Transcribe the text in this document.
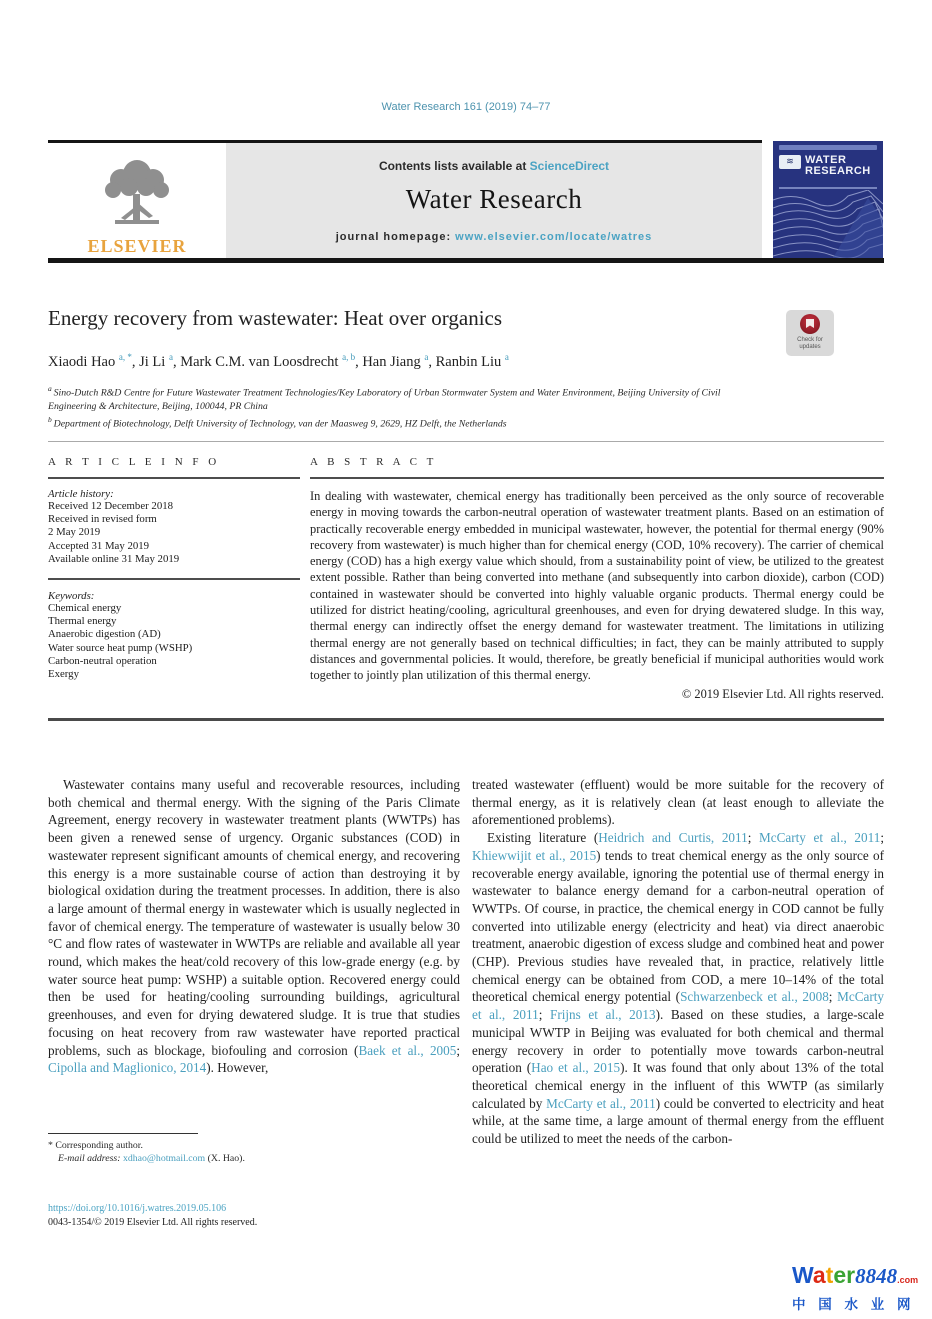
Water Research 161 (2019) 74–77
ELSEVIER
Contents lists available at ScienceDirect
Water Research
journal homepage: www.elsevier.com/locate/watres
≋	WATER
RESEARCH
Energy recovery from wastewater: Heat over organics
Check for updates
Xiaodi Hao $^{a, *}$, Ji Li $^a$, Mark C.M. van Loosdrecht $^{a, b}$, Han Jiang $^a$, Ranbin Liu $^a$
$^a$ Sino-Dutch R&D Centre for Future Wastewater Treatment Technologies/Key Laboratory of Urban Stormwater System and Water Environment, Beijing University of Civil Engineering & Architecture, Beijing, 100044, PR China
$^b$ Department of Biotechnology, Delft University of Technology, van der Maasweg 9, 2629, HZ Delft, the Netherlands
A R T I C L E I N F O
Article history:
Received 12 December 2018
Received in revised form
2 May 2019
Accepted 31 May 2019
Available online 31 May 2019
Keywords:
Chemical energy
Thermal energy
Anaerobic digestion (AD)
Water source heat pump (WSHP)
Carbon-neutral operation
Exergy
A B S T R A C T
In dealing with wastewater, chemical energy has traditionally been perceived as the only source of recoverable energy in moving towards the carbon-neutral operation of wastewater treatment plants. Based on an estimation of practically recoverable energy embedded in municipal wastewater, however, the potential for thermal energy (90% recovery from wastewater) is much higher than for chemical energy (COD, 10% recovery). The carrier of chemical energy (COD) has a high exergy value which should, from a sustainability point of view, be utilized to the greatest extent possible. Rather than being converted into methane (and subsequently into carbon dioxide), carbon (COD) contained in wastewater should be converted into highly valuable organic products. Thermal energy could be utilized for district heating/cooling, agricultural greenhouses, and even for drying dewatered sludge. In this way, thermal energy can indirectly offset the energy demand for wastewater treatment. The limitations in utilizing thermal energy are not generally based on technical difficulties; in fact, they can be mainly attributed to supply distances and governmental policies. It would, therefore, be greatly beneficial if municipal authorities would work together to jointly plan utilization of this thermal energy.
© 2019 Elsevier Ltd. All rights reserved.

Wastewater contains many useful and recoverable resources, including both chemical and thermal energy. With the signing of the Paris Climate Agreement, energy recovery in wastewater treatment plants (WWTPs) has been given a renewed sense of urgency. Organic substances (COD) in wastewater represent significant amounts of chemical energy, and recovering this energy is a more sustainable course of action than destroying it by biological oxidation during the treatment processes. In addition, there is also a large amount of thermal energy in wastewater which is usually neglected in favor of chemical energy. The temperature of wastewater is usually below 30 °C and flow rates of wastewater in WWTPs are reliable and available all year round, which makes the heat/cold recovery of this low-grade energy (e.g. by water source heat pump: WSHP) a suitable option. Recovered energy could then be used for heating/cooling surrounding buildings, agricultural greenhouses, and even for drying dewatered sludge. It is true that studies focusing on heat recovery from raw wastewater have reported practical problems, such as blockage, biofouling and corrosion (Baek et al., 2005; Cipolla and Maglionico, 2014). However,

treated wastewater (effluent) would be more suitable for the recovery of thermal energy, as it is relatively clean (at least enough to alleviate the aforementioned problems).

Existing literature (Heidrich and Curtis, 2011; McCarty et al., 2011; Khiewwijit et al., 2015) tends to treat chemical energy as the only source of recoverable energy available, ignoring the potential use of thermal energy in wastewater to balance energy demand for a carbon-neutral operation of WWTPs. Of course, in practice, the chemical energy in COD cannot be fully converted into utilizable energy (electricity and heat) via direct anaerobic treatment, anaerobic digestion of excess sludge and combined heat and power (CHP). Previous studies have revealed that, in practice, relatively little chemical energy can be obtained from COD, a mere 10–14% of the total theoretical chemical energy potential (Schwarzenbeck et al., 2008; McCarty et al., 2011; Frijns et al., 2013). Based on these studies, a large-scale municipal WWTP in Beijing was evaluated for both chemical and thermal energy recovery in order to potentially move towards carbon-neutral operation (Hao et al., 2015). It was found that only about 13% of the total theoretical chemical energy in the influent of this WWTP (as similarly calculated by McCarty et al., 2011) could be converted to electricity and heat while, at the same time, a large amount of thermal energy from the effluent could be utilized to meet the needs of the carbon-

* Corresponding author.
E-mail address: xdhao@hotmail.com (X. Hao).
https://doi.org/10.1016/j.watres.2019.05.106
0043-1354/© 2019 Elsevier Ltd. All rights reserved.
Water8848.com
中 国 水 业 网
